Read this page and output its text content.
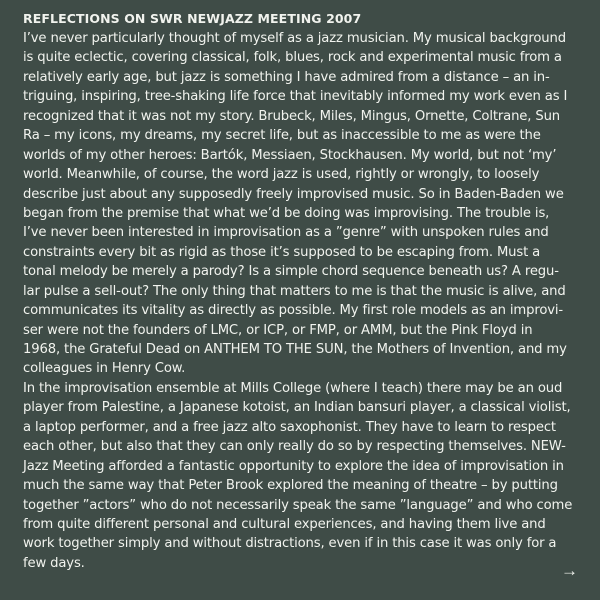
REFLECTIONS ON SWR NEWJAZZ MEETING 2007
I’ve never particularly thought of myself as a jazz musician. My musical background
is quite eclectic, covering classical, folk, blues, rock and experimental music from a
relatively early age, but jazz is something I have admired from a distance – an in-
triguing, inspiring, tree-shaking life force that inevitably informed my work even as I
recognized that it was not my story. Brubeck, Miles, Mingus, Ornette, Coltrane, Sun
Ra – my icons, my dreams, my secret life, but as inaccessible to me as were the
worlds of my other heroes: Bartók, Messiaen, Stockhausen. My world, but not ‘my’
world. Meanwhile, of course, the word jazz is used, rightly or wrongly, to loosely
describe just about any supposedly freely improvised music. So in Baden-Baden we
began from the premise that what we’d be doing was improvising. The trouble is,
I’ve never been interested in improvisation as a ”genre” with unspoken rules and
constraints every bit as rigid as those it’s supposed to be escaping from. Must a
tonal melody be merely a parody? Is a simple chord sequence beneath us? A regu-
lar pulse a sell-out? The only thing that matters to me is that the music is alive, and
communicates its vitality as directly as possible. My first role models as an improvi-
ser were not the founders of LMC, or ICP, or FMP, or AMM, but the Pink Floyd in
1968, the Grateful Dead on ANTHEM TO THE SUN, the Mothers of Invention, and my
colleagues in Henry Cow.
In the improvisation ensemble at Mills College (where I teach) there may be an oud
player from Palestine, a Japanese kotoist, an Indian bansuri player, a classical violist,
a laptop performer, and a free jazz alto saxophonist. They have to learn to respect
each other, but also that they can only really do so by respecting themselves. NEW-
Jazz Meeting afforded a fantastic opportunity to explore the idea of improvisation in
much the same way that Peter Brook explored the meaning of theatre – by putting
together ”actors” who do not necessarily speak the same ”language” and who come
from quite different personal and cultural experiences, and having them live and
work together simply and without distractions, even if in this case it was only for a
few days.	→
